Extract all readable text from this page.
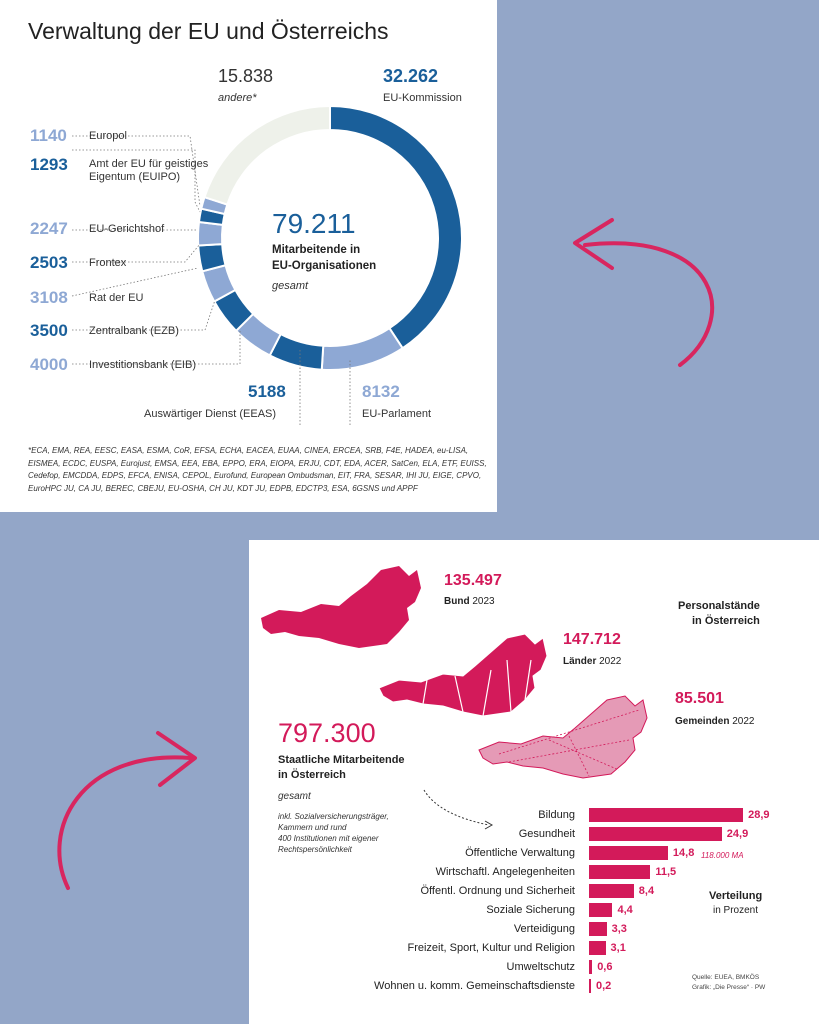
Verwaltung der EU und Österreichs
15.838
andere*
32.262
EU-Kommission
1140 Europol
1293 Amt der EU für geistiges Eigentum (EUIPO)
2247 EU-Gerichtshof
2503 Frontex
3108 Rat der EU
3500 Zentralbank (EZB)
4000 Investitionsbank (EIB)
5188
Auswärtiger Dienst (EEAS)
8132
EU-Parlament
79.211
Mitarbeitende in
EU-Organisationen
gesamt
*ECA, EMA, REA, EESC, EASA, ESMA, CoR, EFSA, ECHA, EACEA, EUAA, CINEA, ERCEA, SRB, F4E, HADEA, eu-LISA, EISMEA, ECDC, EUSPA, Eurojust, EMSA, EEA, EBA, EPPO, ERA, EIOPA, ERJU, CDT, EDA, ACER, SatCen, ELA, ETF, EUISS, Cedefop, EMCDDA, EDPS, EFCA, ENISA, CEPOL, Eurofund, European Ombudsman, EIT, FRA, SESAR, IHI JU, EIGE, CPVO, EuroHPC JU, CA JU, BEREC, CBEJU, EU-OSHA, CH JU, KDT JU, EDPB, EDCTP3, ESA, 6GSNS und APPF
135.497
Bund 2023
147.712
Länder 2022
85.501
Gemeinden 2022
Personalstände
in Österreich
797.300
Staatliche Mitarbeitende
in Österreich
gesamt
inkl. Sozialversicherungsträger,
Kammern und rund
400 Institutionen mit eigener
Rechtspersönlichkeit
Bildung	28,9
Gesundheit	24,9
Öffentliche Verwaltung	14,8
Wirtschaftl. Angelegenheiten	11,5
Öffentl. Ordnung und Sicherheit	8,4
Soziale Sicherung	4,4
Verteidigung	3,3
Freizeit, Sport, Kultur und Religion	3,1
Umweltschutz 0,6
Wohnen u. komm. Gemeinschaftsdienste 0,2
118.000 MA
Verteilung
in Prozent
Quelle: EUEA, BMKÖS
Grafik: „Die Presse“ · PW
